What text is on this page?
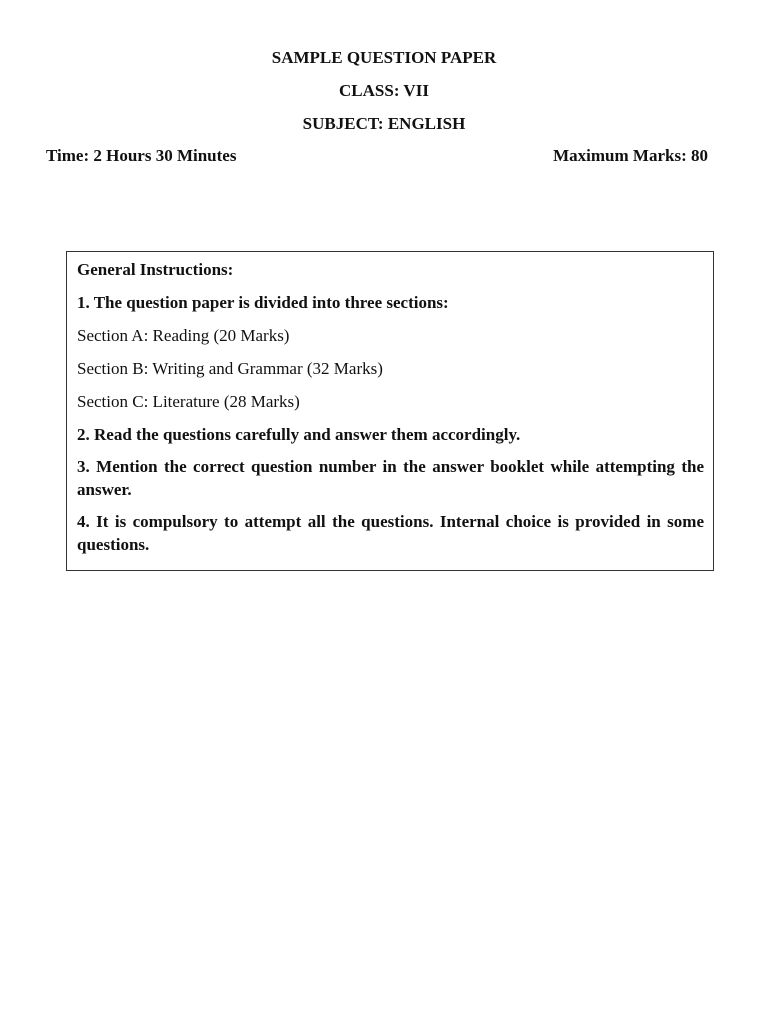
SAMPLE QUESTION PAPER
CLASS: VII
SUBJECT: ENGLISH
Time: 2 Hours 30 Minutes	Maximum Marks: 80

General Instructions:

1. The question paper is divided into three sections:

Section A: Reading (20 Marks)

Section B: Writing and Grammar (32 Marks)

Section C: Literature (28 Marks)

2. Read the questions carefully and answer them accordingly.

3. Mention the correct question number in the answer booklet while attempting the answer.

4. It is compulsory to attempt all the questions. Internal choice is provided in some questions.
